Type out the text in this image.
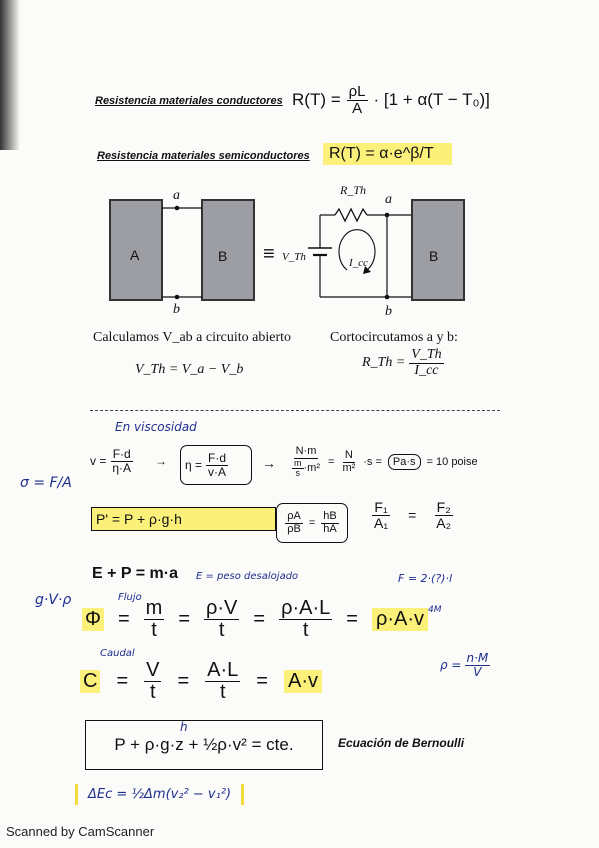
Resistencia materiales conductores $R(T) = \frac{\rho L}{A} \cdot [1 + \alpha(T - T_0)]$
Resistencia materiales semiconductores	R(T) = α·e^β/T
A	B	B
a
b
a
b
≡ V_Th
R_Th
I_cc
Calculamos V_ab a circuito abierto	Cortocircutamos a y b:
V_Th = V_a − V_b	R_Th = $\frac{V\_Th}{I\_cc}$
En viscosidad
σ = F/A
$v = \frac{F\cdot d}{\eta\cdot A} \to \eta = \frac{F\cdot d}{v\cdot A} \to \frac{N\cdot m}{\frac{m}{s} \cdot m^2} = \frac{N}{\text{m²}} \cdot s$ =	Pa·s	= 10 poise
P' = P + ρ·g·h	$\frac{\rho A}{\rho B} = \frac{hB}{hA} \frac{\text{F₁}}{\text{A₁}} = \frac{\text{F₂}}{\text{A₂}}$
E + P = m·a E = peso desalojado	F = 2·(?)·l
4M
Flujo
g·V·ρ
$\Phi = \frac{m}{t} = \frac{\rho\cdot V}{t} = \frac{\rho\cdot A\cdot L}{t} = \rho\cdot A\cdot v$
Caudal
$C = \frac{V}{t} = \frac{A\cdot L}{t} = A\cdot v$
$\rho = \frac{n\cdot M}{V}$
h
P + ρ·g·z + ½ρ·v² = cte.	Ecuación de Bernoulli
ΔEc = ½Δm(v₂² − v₁²)
Scanned by CamScanner
